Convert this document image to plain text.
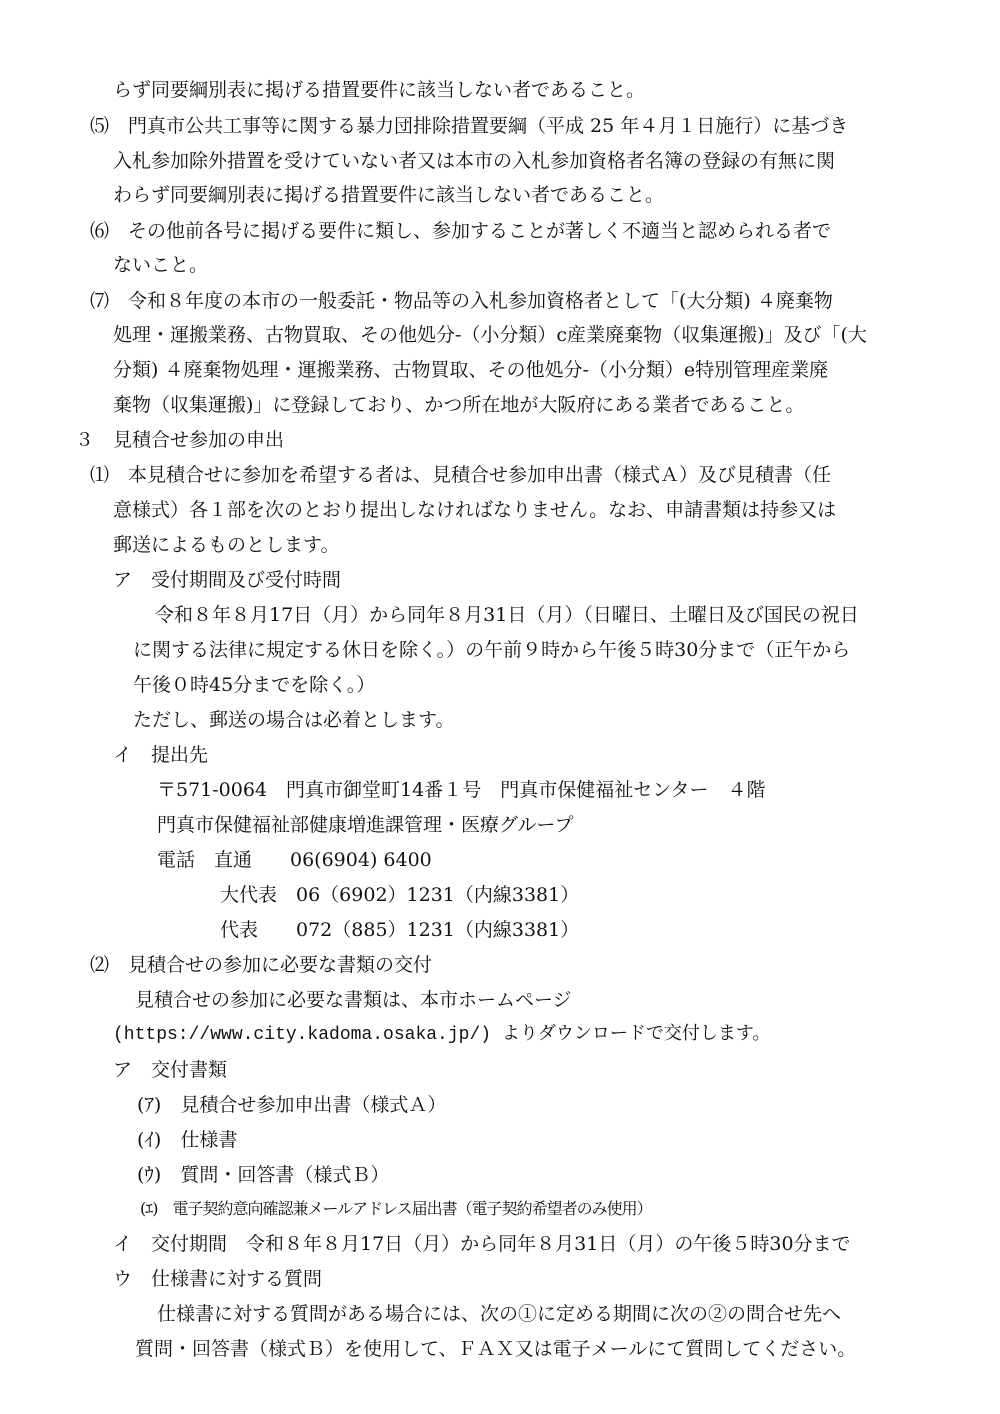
らず同要綱別表に掲げる措置要件に該当しない者であること。
⑸　門真市公共工事等に関する暴力団排除措置要綱（平成 25 年４月１日施行）に基づき
入札参加除外措置を受けていない者又は本市の入札参加資格者名簿の登録の有無に関
わらず同要綱別表に掲げる措置要件に該当しない者であること。
⑹　その他前各号に掲げる要件に類し、参加することが著しく不適当と認められる者で
ないこと。
⑺　令和８年度の本市の一般委託・物品等の入札参加資格者として「(大分類) ４廃棄物
処理・運搬業務、古物買取、その他処分-（小分類）c産業廃棄物（収集運搬)」及び「(大
分類) ４廃棄物処理・運搬業務、古物買取、その他処分-（小分類）e特別管理産業廃
棄物（収集運搬)」に登録しており、かつ所在地が大阪府にある業者であること。
３　見積合せ参加の申出
⑴　本見積合せに参加を希望する者は、見積合せ参加申出書（様式Ａ）及び見積書（任
意様式）各１部を次のとおり提出しなければなりません。なお、申請書類は持参又は
郵送によるものとします。
ア　受付期間及び受付時間
令和８年８月17日（月）から同年８月31日（月）（日曜日、土曜日及び国民の祝日
に関する法律に規定する休日を除く。）の午前９時から午後５時30分まで（正午から
午後０時45分までを除く。）
ただし、郵送の場合は必着とします。
イ　提出先
〒571-0064　門真市御堂町14番１号　門真市保健福祉センター　４階
門真市保健福祉部健康増進課管理・医療グループ
電話　直通　　06(6904) 6400
大代表　06（6902）1231（内線3381）
代表　　072（885）1231（内線3381）
⑵　見積合せの参加に必要な書類の交付
見積合せの参加に必要な書類は、本市ホームページ
(https://www.city.kadoma.osaka.jp/) よりダウンロードで交付します。
ア　交付書類
(ｱ)　見積合せ参加申出書（様式Ａ）
(ｲ)　仕様書
(ｳ)　質問・回答書（様式Ｂ）
(ｴ)　電子契約意向確認兼メールアドレス届出書（電子契約希望者のみ使用）
イ　交付期間　令和８年８月17日（月）から同年８月31日（月）の午後５時30分まで
ウ　仕様書に対する質問
仕様書に対する質問がある場合には、次の①に定める期間に次の②の問合せ先へ
質問・回答書（様式Ｂ）を使用して、ＦＡＸ又は電子メールにて質問してください。
